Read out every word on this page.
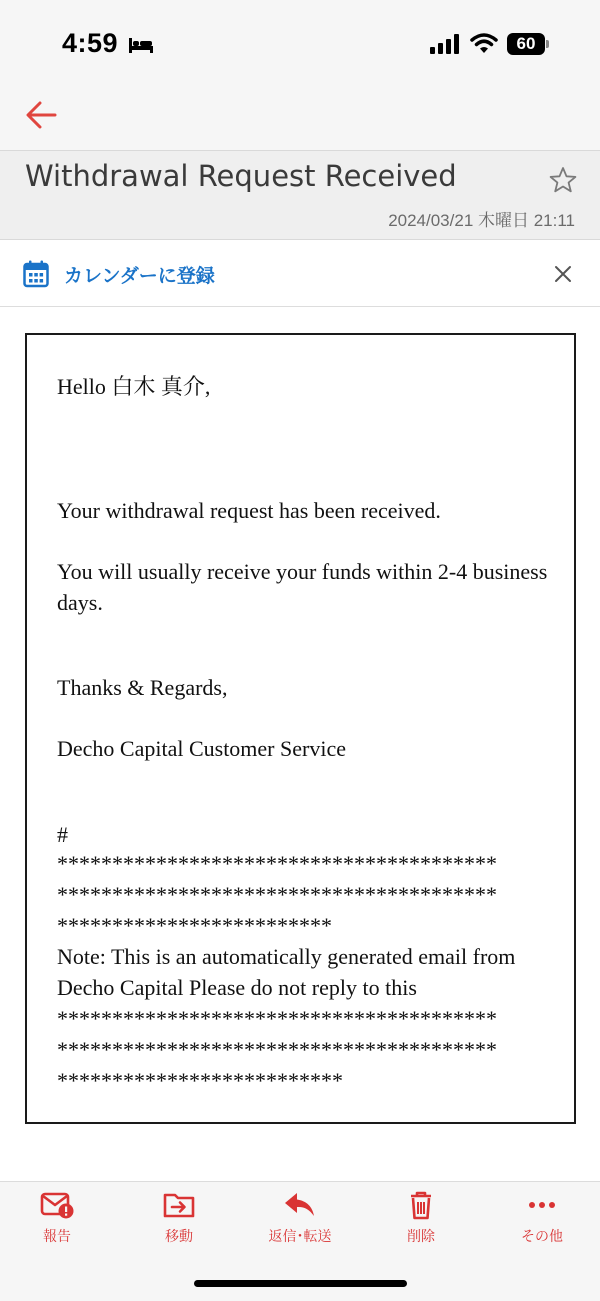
4:59	60
Withdrawal Request Received
2024/03/21 木曜日 21:11
カレンダーに登録
Hello 白木 真介,
Your withdrawal request has been received.
You will usually receive your funds within 2-4 business days.
Thanks & Regards,
Decho Capital Customer Service
#
****************************************
****************************************
*************************
Note: This is an automatically generated email from Decho Capital Please do not reply to this
****************************************
****************************************
**************************
報告	移動	返信･転送	削除	その他
